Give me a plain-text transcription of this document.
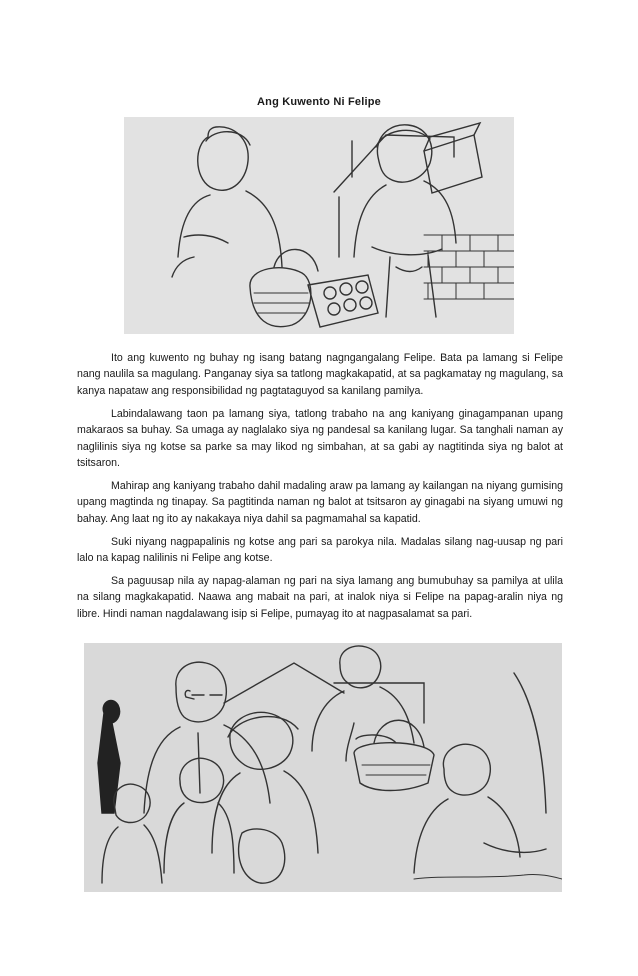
Ang Kuwento Ni Felipe

Ito ang kuwento ng buhay ng isang batang nagngangalang Felipe. Bata pa lamang si Felipe nang naulila sa magulang. Panganay siya sa tatlong magkakapatid, at sa pagkamatay ng magulang, sa kanya napataw ang responsibilidad ng pagtataguyod sa kanilang pamilya.

Labindalawang taon pa lamang siya, tatlong trabaho na ang kaniyang ginagampanan upang makaraos sa buhay. Sa umaga ay naglalako siya ng pandesal sa kanilang lugar. Sa tanghali naman ay naglilinis siya ng kotse sa parke sa may likod ng simbahan, at sa gabi ay nagtitinda siya ng balot at tsitsaron.

Mahirap ang kaniyang trabaho dahil madaling araw pa lamang ay kailangan na niyang gumising upang magtinda ng tinapay. Sa pagtitinda naman ng balot at tsitsaron ay ginagabi na siyang umuwi ng bahay. Ang laat ng ito ay nakakaya niya dahil sa pagmamahal sa kapatid.

Suki niyang nagpapalinis ng kotse ang pari sa parokya nila. Madalas silang nag-uusap ng pari lalo na kapag nalilinis ni Felipe ang kotse.

Sa paguusap nila ay napag-alaman ng pari na siya lamang ang bumubuhay sa pamilya at ulila na silang magkakapatid. Naawa ang mabait na pari, at inalok niya si Felipe na papag-aralin niya ng libre. Hindi naman nagdalawang isip si Felipe, pumayag ito at nagpasalamat sa pari.
